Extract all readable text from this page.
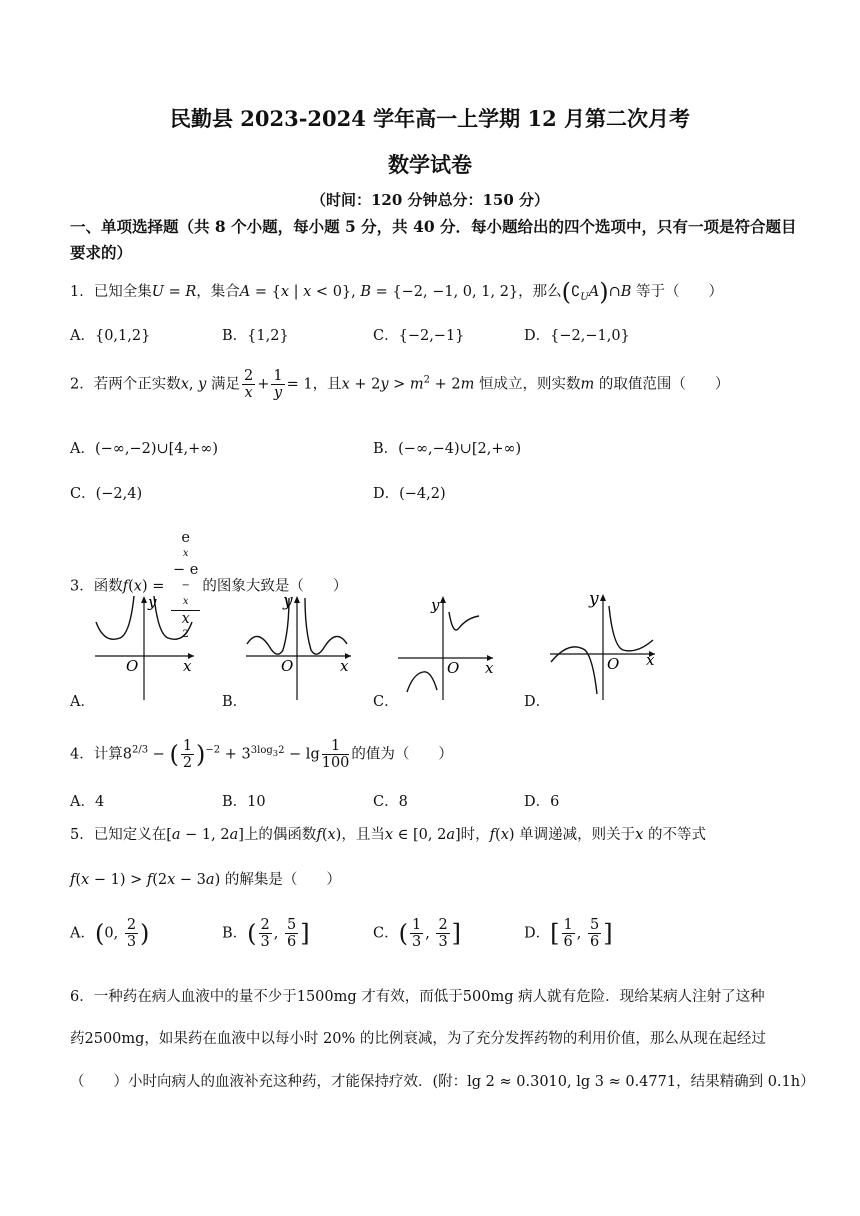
民勤县 2023-2024 学年高一上学期 12 月第二次月考
数学试卷
（时间：120 分钟总分：150 分）
一、单项选择题（共 8 个小题，每小题 5 分，共 40 分．每小题给出的四个选项中，只有一项是符合题目要求的）
1．已知全集U = R，集合A = {x | x < 0}, B = {−2, −1, 0, 1, 2}，那么$(∁_UA)\cap B$ 等于（　　）
A．{0,1,2}	B．{1,2}	C．{−2,−1}	D．{−2,−1,0}
2．若两个正实数x, y 满足 $\frac{2}{x} + \frac{1}{y} = 1$，且$x + 2y > m^2 + 2m$ 恒成立，则实数m 的取值范围（　　）
A．(−∞,−2)∪[4,+∞)	B．(−∞,−4)∪[2,+∞)
C．(−2,4)	D．(−4,2)
3．函数f(x) = e
x
− e
−
x
x
2 的图象大致是（　　）
y
O	x
A．
y
O	x
B．
y
O x
C．
y
O x
D．
4．计算$8^{2/3}$ − ( $\frac{1}{2} )^{-2} + 3^{3log_32} - \lg \frac{1}{100}$ 的值为（　　）
A．4	B．10	C．8	D．6
5．已知定义在[a − 1, 2a]上的偶函数f(x)，且当x ∈ [0, 2a]时，f(x) 单调递减，则关于x 的不等式
f(x − 1) > f(2x − 3a) 的解集是（　　）
A．(0, $\frac{2}{3}$ )	B．( $\frac{2}{3}$ , $\frac{5}{6}$ ]	C．( $\frac{1}{3}$ , $\frac{2}{3}$ ]	D．[ $\frac{1}{6}$ , $\frac{5}{6}$ ]
6．一种药在病人血液中的量不少于1500mg 才有效，而低于500mg 病人就有危险．现给某病人注射了这种
药2500mg，如果药在血液中以每小时 20% 的比例衰减，为了充分发挥药物的利用价值，那么从现在起经过
（　　）小时向病人的血液补充这种药，才能保持疗效．(附：lg 2 ≈ 0.3010, lg 3 ≈ 0.4771，结果精确到 0.1h）
